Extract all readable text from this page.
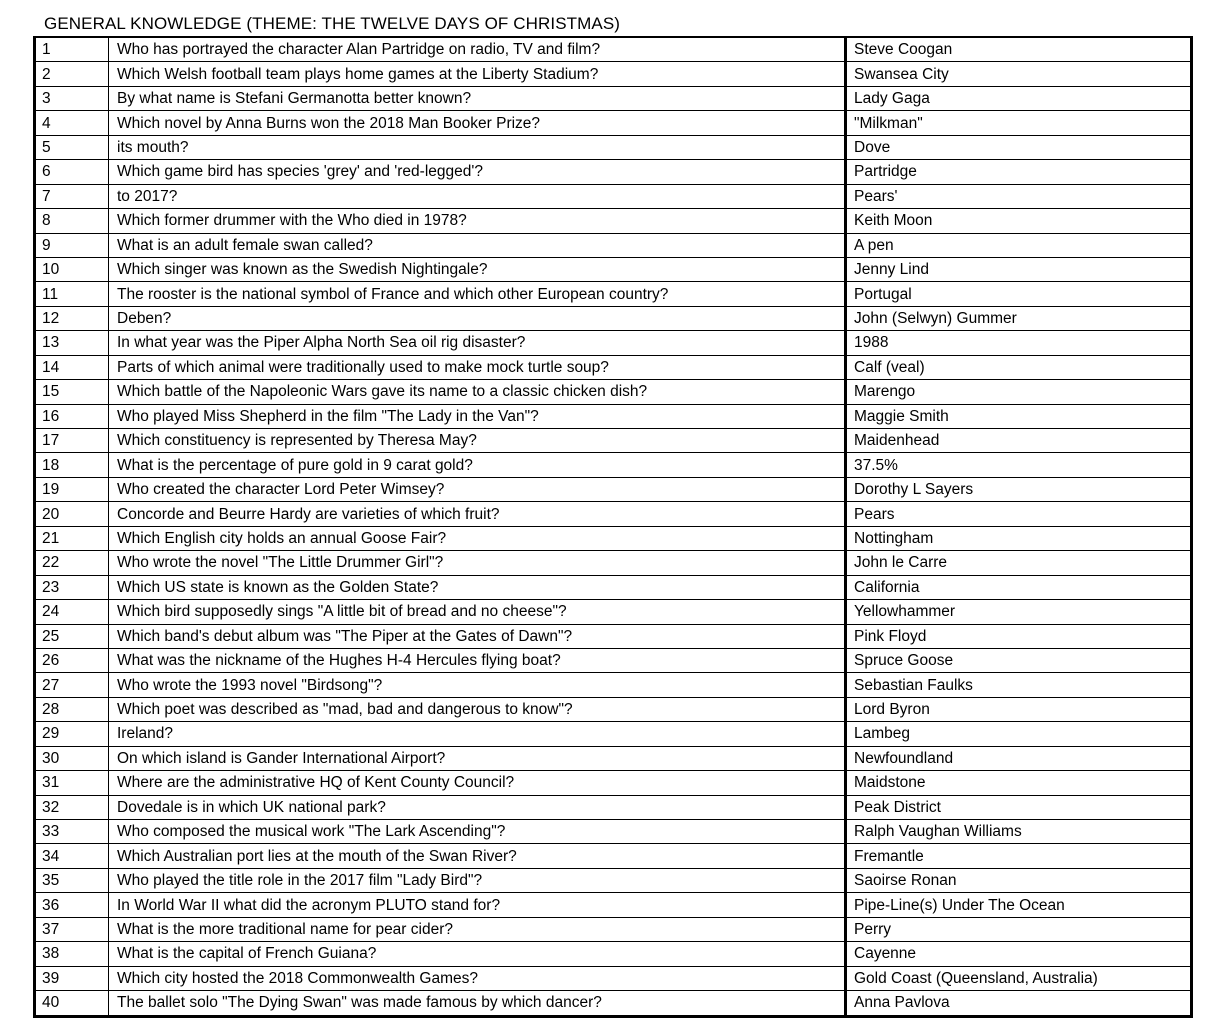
GENERAL KNOWLEDGE (THEME: THE TWELVE DAYS OF CHRISTMAS)
1	Who has portrayed the character Alan Partridge on radio, TV and film?	Steve Coogan
2	Which Welsh football team plays home games at the Liberty Stadium?	Swansea City
3	By what name is Stefani Germanotta better known?	Lady Gaga
4	Which novel by Anna Burns won the 2018 Man Booker Prize?	"Milkman"
5	its mouth?	Dove
6	Which game bird has species 'grey' and 'red-legged'?	Partridge
7	to 2017?	Pears'
8	Which former drummer with the Who died in 1978?	Keith Moon
9	What is an adult female swan called?	A pen
10	Which singer was known as the Swedish Nightingale?	Jenny Lind
11	The rooster is the national symbol of France and which other European country?	Portugal
12	Deben?	John (Selwyn) Gummer
13	In what year was the Piper Alpha North Sea oil rig disaster?	1988
14	Parts of which animal were traditionally used to make mock turtle soup?	Calf (veal)
15	Which battle of the Napoleonic Wars gave its name to a classic chicken dish?	Marengo
16	Who played Miss Shepherd in the film "The Lady in the Van"?	Maggie Smith
17	Which constituency is represented by Theresa May?	Maidenhead
18	What is the percentage of pure gold in 9 carat gold?	37.5%
19	Who created the character Lord Peter Wimsey?	Dorothy L Sayers
20	Concorde and Beurre Hardy are varieties of which fruit?	Pears
21	Which English city holds an annual Goose Fair?	Nottingham
22	Who wrote the novel "The Little Drummer Girl"?	John le Carre
23	Which US state is known as the Golden State?	California
24	Which bird supposedly sings "A little bit of bread and no cheese"?	Yellowhammer
25	Which band's debut album was "The Piper at the Gates of Dawn"?	Pink Floyd
26	What was the nickname of the Hughes H-4 Hercules flying boat?	Spruce Goose
27	Who wrote the 1993 novel "Birdsong"?	Sebastian Faulks
28	Which poet was described as "mad, bad and dangerous to know"?	Lord Byron
29	Ireland?	Lambeg
30	On which island is Gander International Airport?	Newfoundland
31	Where are the administrative HQ of Kent County Council?	Maidstone
32	Dovedale is in which UK national park?	Peak District
33	Who composed the musical work "The Lark Ascending"?	Ralph Vaughan Williams
34	Which Australian port lies at the mouth of the Swan River?	Fremantle
35	Who played the title role in the 2017 film "Lady Bird"?	Saoirse Ronan
36	In World War II what did the acronym PLUTO stand for?	Pipe-Line(s) Under The Ocean
37	What is the more traditional name for pear cider?	Perry
38	What is the capital of French Guiana?	Cayenne
39	Which city hosted the 2018 Commonwealth Games?	Gold Coast (Queensland, Australia)
40	The ballet solo "The Dying Swan" was made famous by which dancer?	Anna Pavlova
